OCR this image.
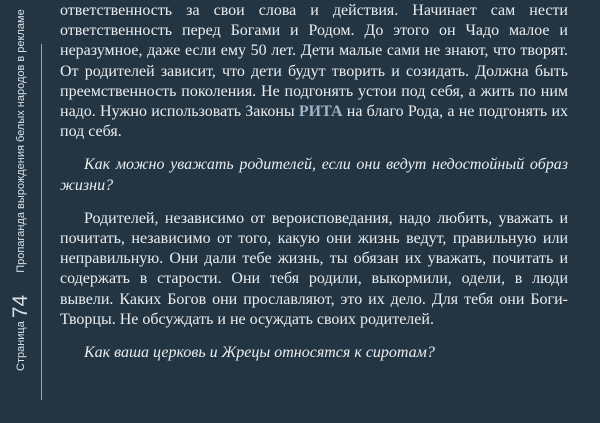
Страница74Пропаганда вырождения белых народов в рекламе	ответственность за свои слова и действия. Начинает сам нести ответственность перед Богами и Родом. До этого он Чадо малое и неразумное, даже если ему 50 лет. Дети малые сами не знают, что творят. От родителей зависит, что дети будут творить и созидать. Должна быть преемственность поколения. Не подгонять устои под себя, а жить по ним надо. Нужно использовать Законы РИТА на благо Рода, а не подгонять их под себя.

Как можно уважать родителей, если они ведут недостойный образ жизни?

Родителей, независимо от вероисповедания, надо любить, уважать и почитать, независимо от того, какую они жизнь ведут, правильную или неправильную. Они дали тебе жизнь, ты обязан их уважать, почитать и содержать в старости. Они тебя родили, выкормили, одели, в люди вывели. Каких Богов они прославляют, это их дело. Для тебя они Боги-Творцы. Не обсуждать и не осуждать своих родителей.

Как ваша церковь и Жрецы относятся к сиротам?
